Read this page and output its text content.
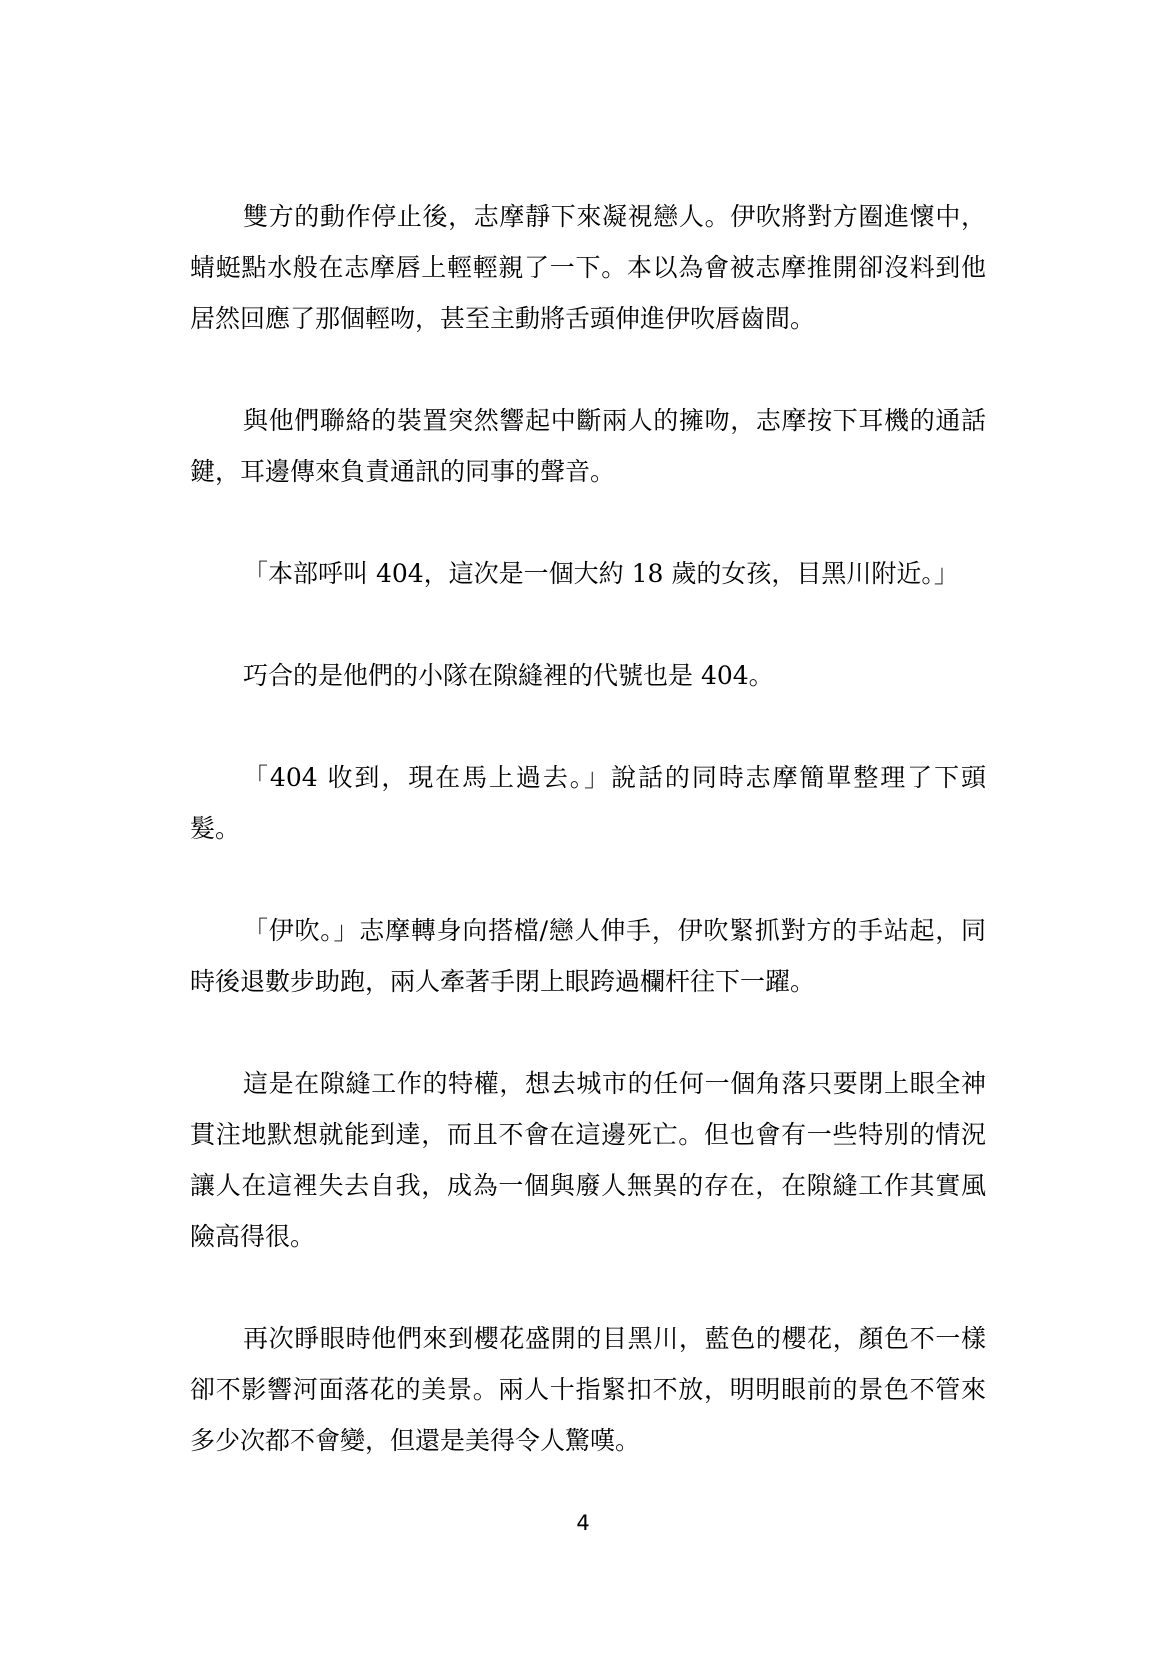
雙方的動作停止後，志摩靜下來凝視戀人。伊吹將對方圈進懷中，蜻蜓點水般在志摩唇上輕輕親了一下。本以為會被志摩推開卻沒料到他居然回應了那個輕吻，甚至主動將舌頭伸進伊吹唇齒間。

與他們聯絡的裝置突然響起中斷兩人的擁吻，志摩按下耳機的通話鍵，耳邊傳來負責通訊的同事的聲音。

「本部呼叫 404，這次是一個大約 18 歲的女孩，目黑川附近。」

巧合的是他們的小隊在隙縫裡的代號也是 404。

「404 收到，現在馬上過去。」說話的同時志摩簡單整理了下頭髮。

「伊吹。」志摩轉身向搭檔/戀人伸手，伊吹緊抓對方的手站起，同時後退數步助跑，兩人牽著手閉上眼跨過欄杆往下一躍。

這是在隙縫工作的特權，想去城市的任何一個角落只要閉上眼全神貫注地默想就能到達，而且不會在這邊死亡。但也會有一些特別的情況讓人在這裡失去自我，成為一個與廢人無異的存在，在隙縫工作其實風險高得很。

再次睜眼時他們來到櫻花盛開的目黑川，藍色的櫻花，顏色不一樣卻不影響河面落花的美景。兩人十指緊扣不放，明明眼前的景色不管來多少次都不會變，但還是美得令人驚嘆。

4
